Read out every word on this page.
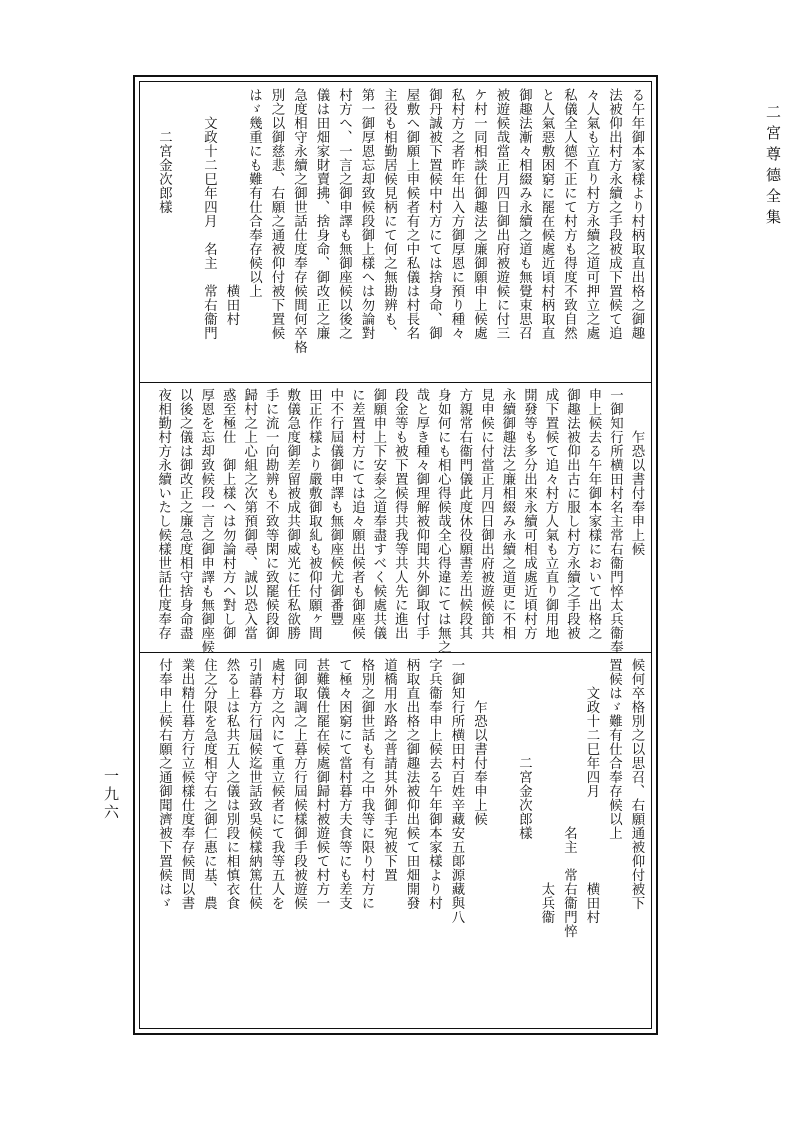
二宮尊德全集
一九六
る午年御本家樣より村柄取直出格之御趣
法被仰出村方永續之手段被成下置候て追
々人氣も立直り村方永續之道可押立之處
私儀全人德不正にて村方も得度不致自然
と人氣惡敷困窮に罷在候處近頃村柄取直
御趣法漸々相綴み永續之道も無覺束思召
被遊候哉當正月四日御出府被遊候に付三
ケ村一同相談仕御趣法之廉御願申上候處
私村方之者昨年出入方御厚恩に預り種々
御丹誠被下置候中村方にては捨身命、御
屋敷へ御願上申候者有之中私儀は村長名
主役も相勤居候見柄にて何之無勘辨も、
第一御厚恩忘却致候段御上樣へは勿論對
村方へ、一言之御申譯も無御座候以後之
儀は田畑家財賣拂、捨身命、御改正之廉
急度相守永續之御世話仕度奉存候間何卒格
別之以御慈悲、右願之通被仰付被下置候
はゞ幾重にも難有仕合奉存候以上
　　　　　　　　　　　　　　横田村
　　文政十二巳年四月　名主　常右衞門
　　　二宮金次郎樣
　　　乍恐以書付奉申上候
一御知行所横田村名主常右衞門悴太兵衞奉
申上候去る午年御本家樣において出格之
御趣法被仰出古に服し村方永續之手段被
成下置候て追々村方人氣も立直り御用地
開發等も多分出來永續可相成處近頃村方
永續御趣法之廉相綴み永續之道更に不相
見申候に付當正月四日御出府被遊候節共
方親常右衞門儀此度休役願書差出候段其
身如何にも相心得候哉全心得違にては無之
哉と厚き種々御理解被仰聞共外御取付手
段金等も被下置候得共我等共人先に進出
御願申上下安泰之道奉盡すべく候處共儀
に差置村方にては追々願出候者も御座候
中不行屆儀御申譯も無御座候尤御番豐
田正作樣より嚴敷御取糺も被仰付願ヶ間
敷儀急度御差留被成共御威光に任私欲勝
手に流一向勘辨も不致等閑に致罷候段御
歸村之上心組之次第預御尋、誠以恐入當
惑至極仕　御上樣へは勿論村方へ對し御
厚恩を忘却致候段一言之御申譯も無御座候
以後之儀は御改正之廉急度相守捨身命盡
夜相勤村方永續いたし候樣世話仕度奉存
候何卒格別之以思召、右願通被仰付被下
置候はゞ難有仕合奉存候以上
　　文政十二巳年四月　　　　　　横田村
　　　　　　　　　　　　名主　常右衞門悴
　　　　　　　　　　　　　　　　太兵衞
　　　　　　　二宮金次郎樣
　　　乍恐以書付奉申上候
一御知行所横田村百姓辛藏安五郞源藏與八
字兵衞奉申上候去る午年御本家樣より村
柄取直出格之御趣法被仰出候て田畑開發
道橋用水路之普請其外御手宛被下置
格別之御世話も有之中我等に限り村方に
て極々困窮にて當村暮方夫食等にも差支
甚難儀仕罷在候處御歸村被遊候て村方一
同御取調之上暮方行屆候樣御手段被遊候
處村方之內にて重立候者にて我等五人を
引請暮方行屆候迄世話致吳候樣納篤仕候
然る上は私共五人之儀は別段に相慎衣食
住之分限を急度相守右之御仁惠に基、農
業出精仕暮方行立候樣仕度奉存候間以書
付奉申上候右願之通御聞濟被下置候はゞ
